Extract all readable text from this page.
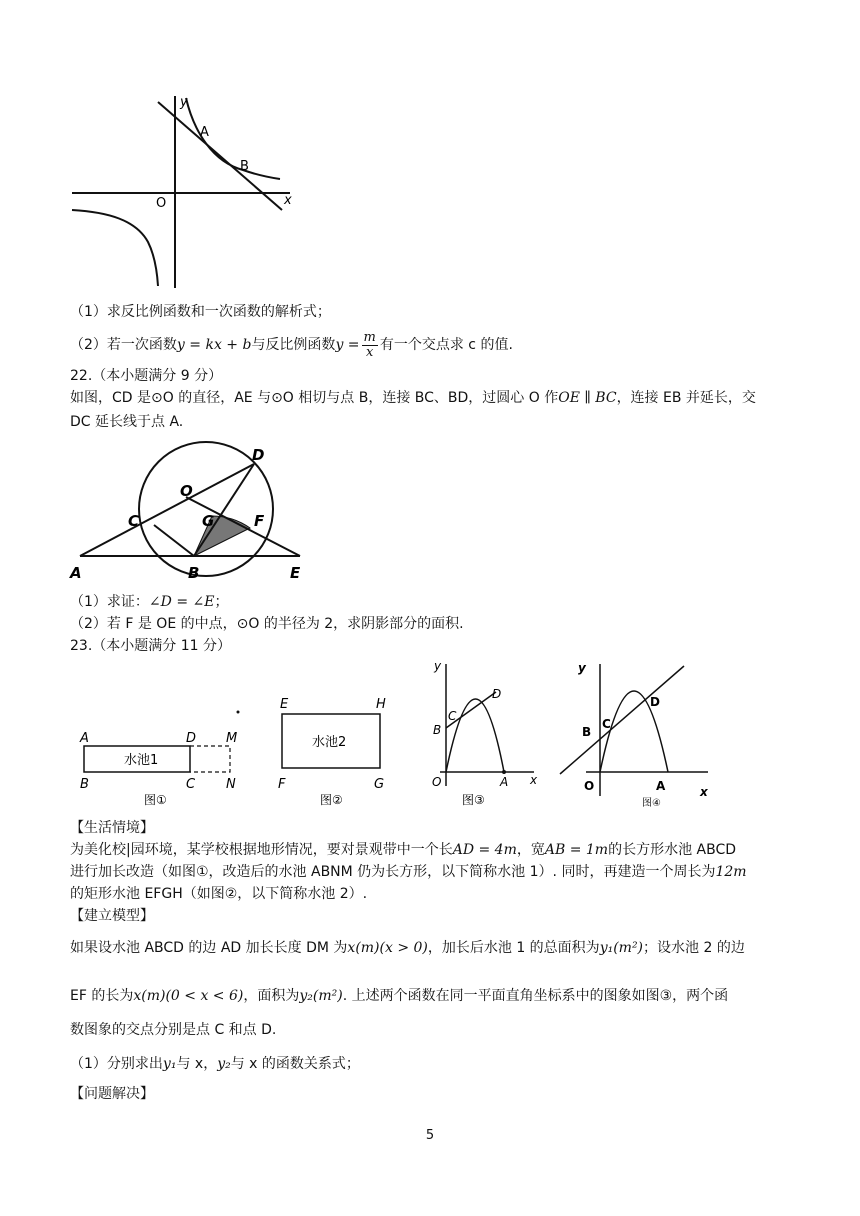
y
x
O
A
B
（1）求反比例函数和一次函数的解析式；
（2）若一次函数y = kx + b与反比例函数$y = \frac{m}{x}$ 有一个交点求 c 的值.
22.（本小题满分 9 分）
如图，CD 是⊙O 的直径，AE 与⊙O 相切与点 B，连接 BC、BD，过圆心 O 作OE ∥ BC，连接 EB 并延长，交
DC 延长线于点 A.
D
O
C	G	F
A	B	E
（1）求证：∠D = ∠E；
（2）若 F 是 OE 的中点，⊙O 的半径为 2，求阴影部分的面积.
23.（本小题满分 11 分）
A	D M
B	C N
水池1
图①
E	H
F	G
水池2
图②
y
x
O	A
B
C
D
图③
y
x
O	A
B
C
D
图④
【生活情境】
为美化校|园环境，某学校根据地形情况，要对景观带中一个长AD = 4m，宽AB = 1m的长方形水池 ABCD
进行加长改造（如图①，改造后的水池 ABNM 仍为长方形，以下简称水池 1）. 同时，再建造一个周长为12m
的矩形水池 EFGH（如图②，以下简称水池 2）.
【建立模型】
如果设水池 ABCD 的边 AD 加长长度 DM 为x(m)(x > 0)，加长后水池 1 的总面积为y₁(m²)；设水池 2 的边
EF 的长为x(m)(0 < x < 6)，面积为y₂(m²). 上述两个函数在同一平面直角坐标系中的图象如图③，两个函
数图象的交点分别是点 C 和点 D.
（1）分别求出y₁与 x，y₂与 x 的函数关系式；
【问题解决】
5
